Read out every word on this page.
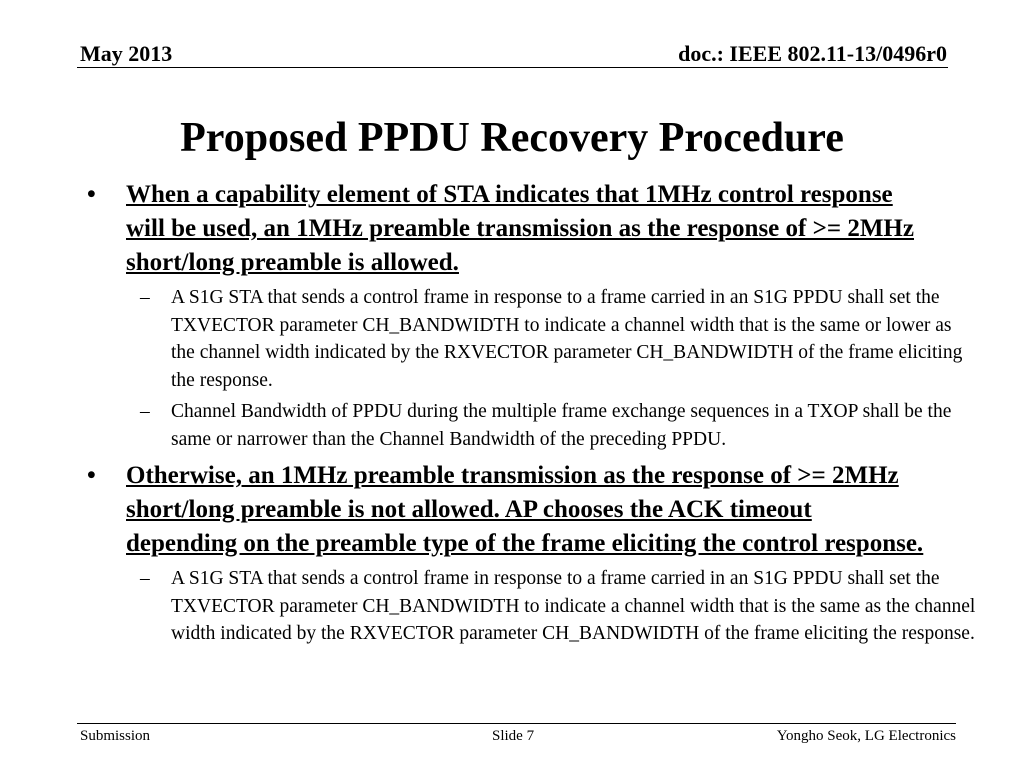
May 2013	doc.: IEEE 802.11-13/0496r0
Proposed PPDU Recovery Procedure
• When a capability element of STA indicates that 1MHz control response will be used, an 1MHz preamble transmission as the response of >= 2MHz short/long preamble is allowed.
– A S1G STA that sends a control frame in response to a frame carried in an S1G PPDU shall set the TXVECTOR parameter CH_BANDWIDTH to indicate a channel width that is the same or lower as the channel width indicated by the RXVECTOR parameter CH_BANDWIDTH of the frame eliciting the response.
– Channel Bandwidth of PPDU during the multiple frame exchange sequences in a TXOP shall be the same or narrower than the Channel Bandwidth of the preceding PPDU.
• Otherwise, an 1MHz preamble transmission as the response of >= 2MHz short/long preamble is not allowed. AP chooses the ACK timeout depending on the preamble type of the frame eliciting the control response.
– A S1G STA that sends a control frame in response to a frame carried in an S1G PPDU shall set the TXVECTOR parameter CH_BANDWIDTH to indicate a channel width that is the same as the channel width indicated by the RXVECTOR parameter CH_BANDWIDTH of the frame eliciting the response.
Submission	Slide 7	Yongho Seok, LG Electronics
